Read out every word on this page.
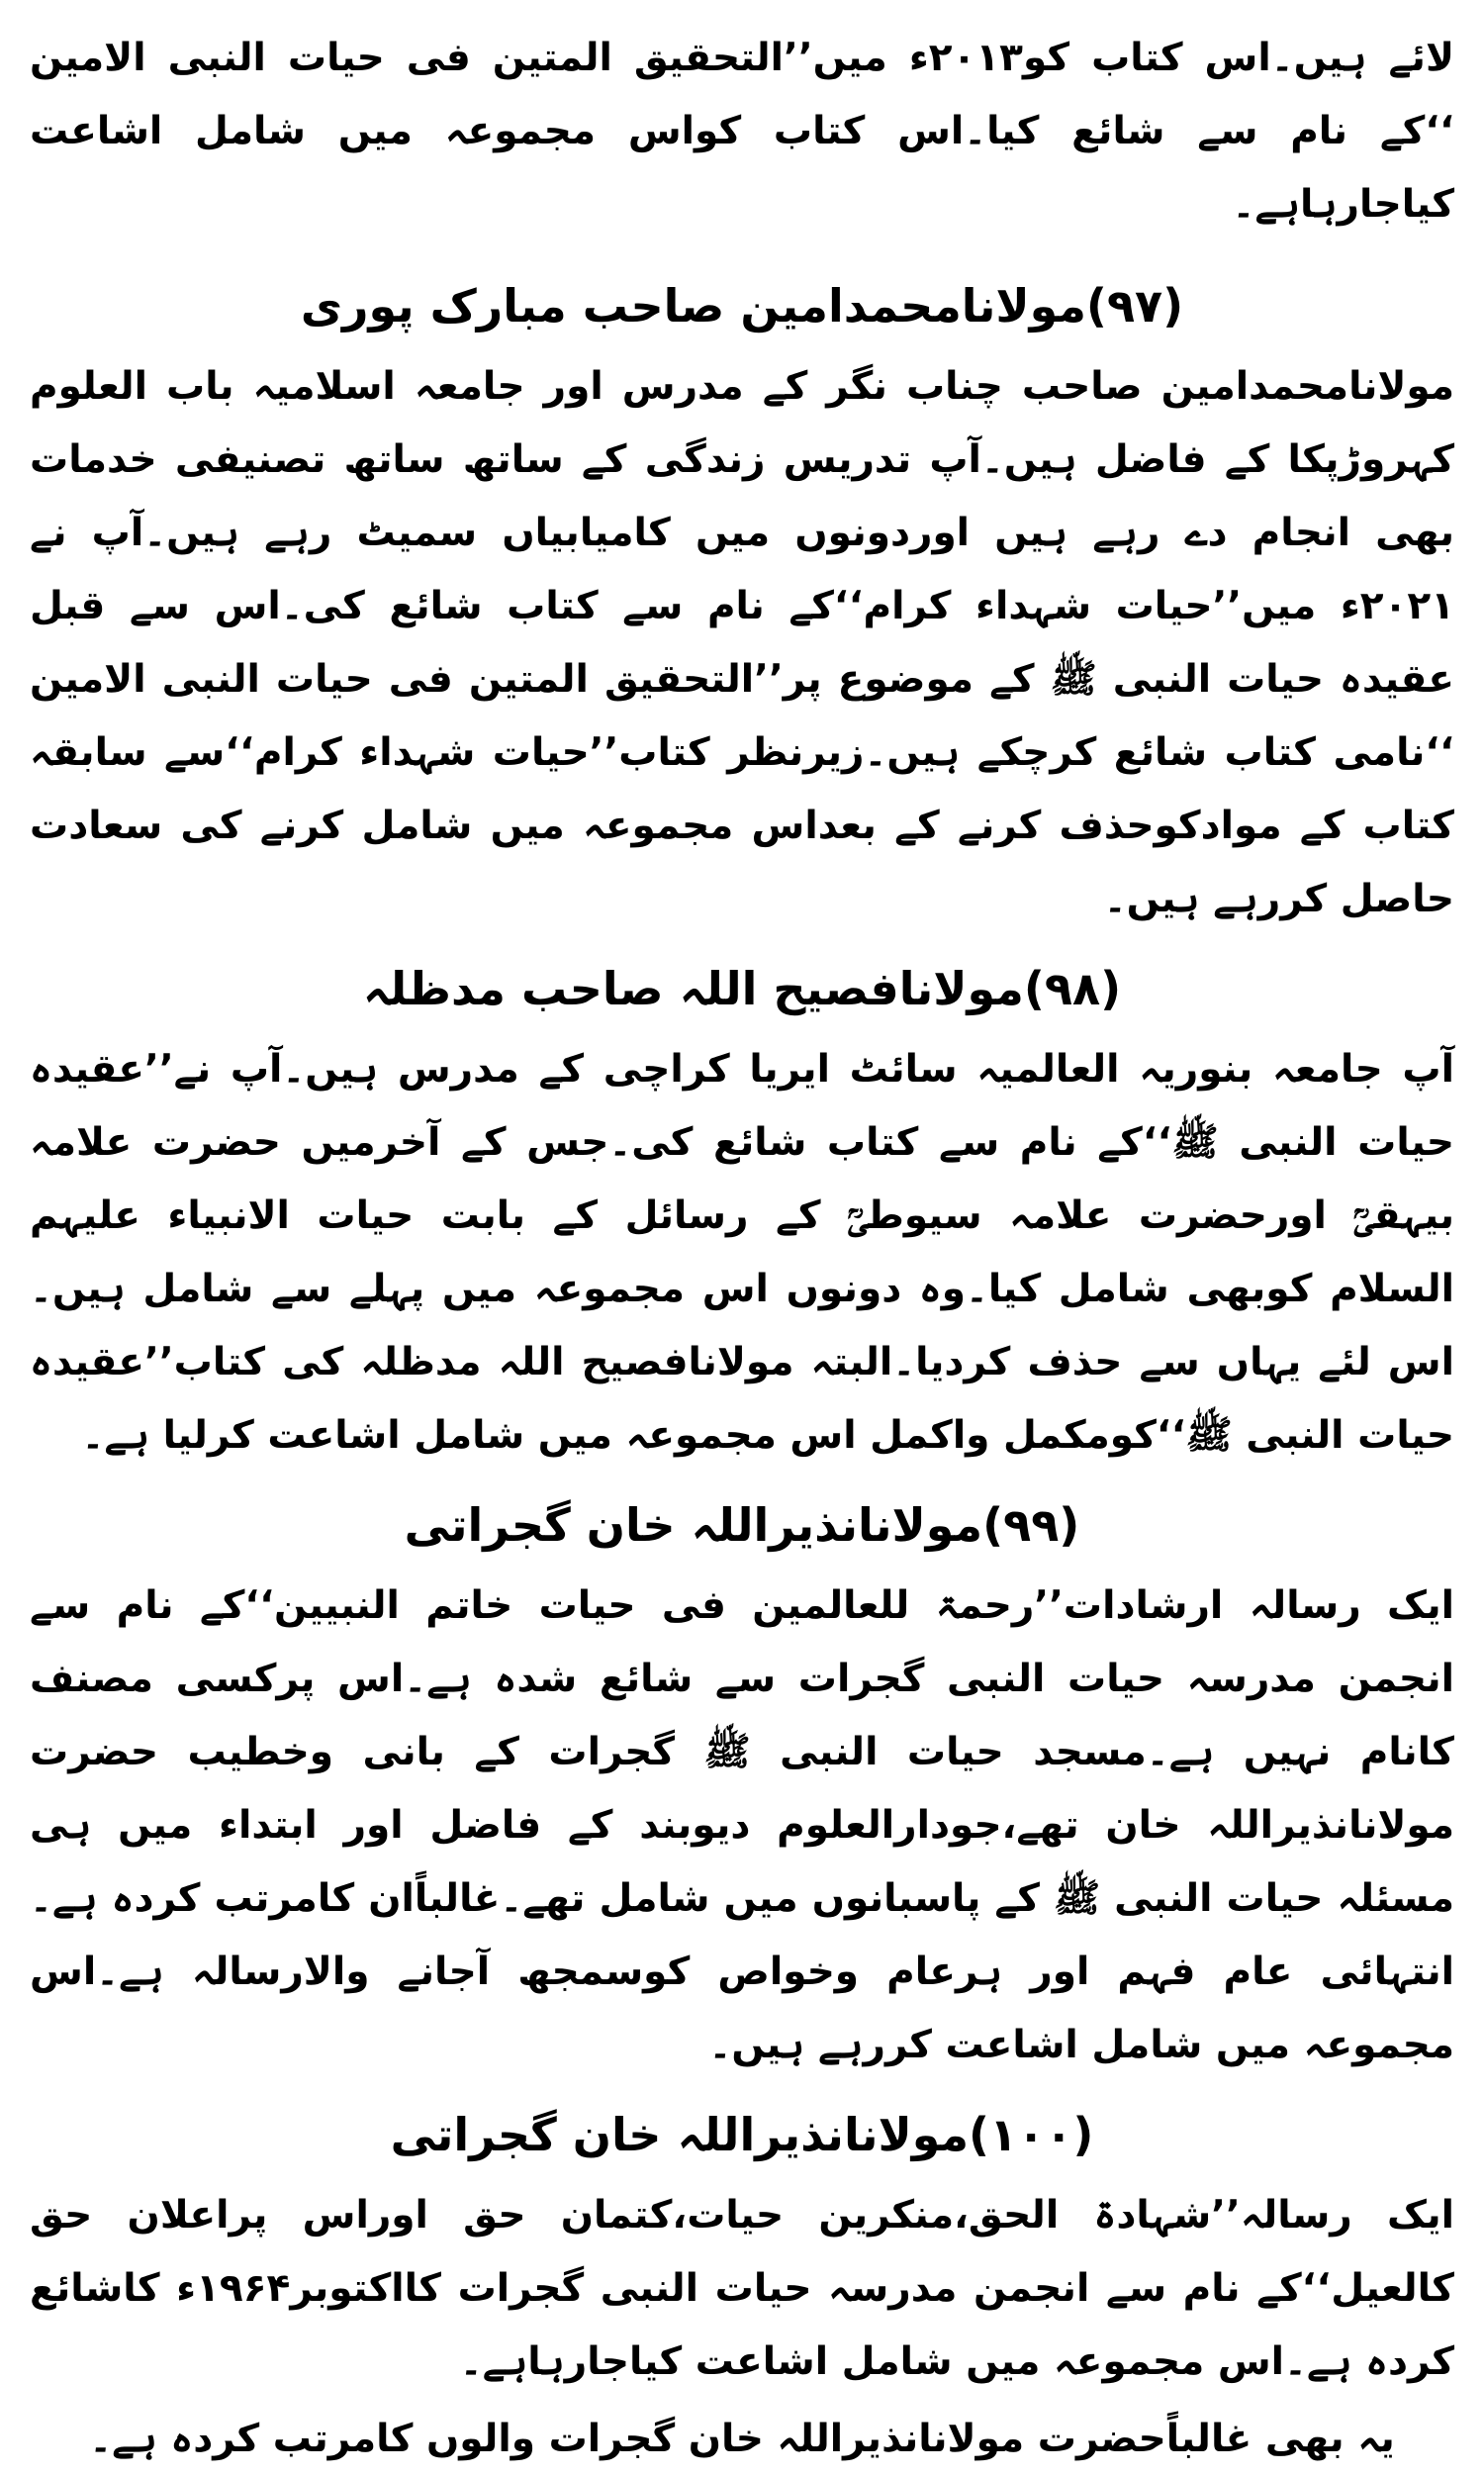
لائے ہیں۔اس کتاب کو۲۰۱۳ء میں’’التحقیق المتین فی حیات النبی الامین ‘‘کے نام سے شائع کیا۔اس کتاب کواس مجموعہ میں شامل اشاعت کیاجارہاہے۔

(۹۷)مولانامحمدامین صاحب مبارک پوری

مولانامحمدامین صاحب چناب نگر کے مدرس اور جامعہ اسلامیہ باب العلوم کہروڑپکا کے فاضل ہیں۔آپ تدریس زندگی کے ساتھ ساتھ تصنیفی خدمات بھی انجام دے رہے ہیں اوردونوں میں کامیابیاں سمیٹ رہے ہیں۔آپ نے ۲۰۲۱ء میں’’حیات شہداء کرام‘‘کے نام سے کتاب شائع کی۔اس سے قبل عقیدہ حیات النبی ﷺ کے موضوع پر’’التحقیق المتین فی حیات النبی الامین ‘‘نامی کتاب شائع کرچکے ہیں۔زیرنظر کتاب’’حیات شہداء کرام‘‘سے سابقہ کتاب کے موادکوحذف کرنے کے بعداس مجموعہ میں شامل کرنے کی سعادت حاصل کررہے ہیں۔

(۹۸)مولانافصیح اللہ صاحب مدظلہ

آپ جامعہ بنوریہ العالمیہ سائٹ ایریا کراچی کے مدرس ہیں۔آپ نے’’عقیدہ حیات النبی ﷺ‘‘کے نام سے کتاب شائع کی۔جس کے آخرمیں حضرت علامہ بیہقیؒ اورحضرت علامہ سیوطیؒ کے رسائل کے بابت حیات الانبیاء علیہم السلام کوبھی شامل کیا۔وہ دونوں اس مجموعہ میں پہلے سے شامل ہیں۔اس لئے یہاں سے حذف کردیا۔البتہ مولانافصیح اللہ مدظلہ کی کتاب’’عقیدہ حیات النبی ﷺ‘‘کومکمل واکمل اس مجموعہ میں شامل اشاعت کرلیا ہے۔

(۹۹)مولانانذیراللہ خان گجراتی

ایک رسالہ ارشادات’’رحمۃ للعالمین فی حیات خاتم النبیین‘‘کے نام سے انجمن مدرسہ حیات النبی گجرات سے شائع شدہ ہے۔اس پرکسی مصنف کانام نہیں ہے۔مسجد حیات النبی ﷺ گجرات کے بانی وخطیب حضرت مولانانذیراللہ خان تھے،جودارالعلوم دیوبند کے فاضل اور ابتداء میں ہی مسئلہ حیات النبی ﷺ کے پاسبانوں میں شامل تھے۔غالباًان کامرتب کردہ ہے۔انتہائی عام فہم اور ہرعام وخواص کوسمجھ آجانے والارسالہ ہے۔اس مجموعہ میں شامل اشاعت کررہے ہیں۔

(۱۰۰)مولانانذیراللہ خان گجراتی

ایک رسالہ’’شہادۃ الحق،منکرین حیات،کتمان حق اوراس پراعلان حق کالعیل‘‘کے نام سے انجمن مدرسہ حیات النبی گجرات کااکتوبر۱۹۶۴ء کاشائع کردہ ہے۔اس مجموعہ میں شامل اشاعت کیاجارہاہے۔

یہ بھی غالباًحضرت مولانانذیراللہ خان گجرات والوں کامرتب کردہ ہے۔
